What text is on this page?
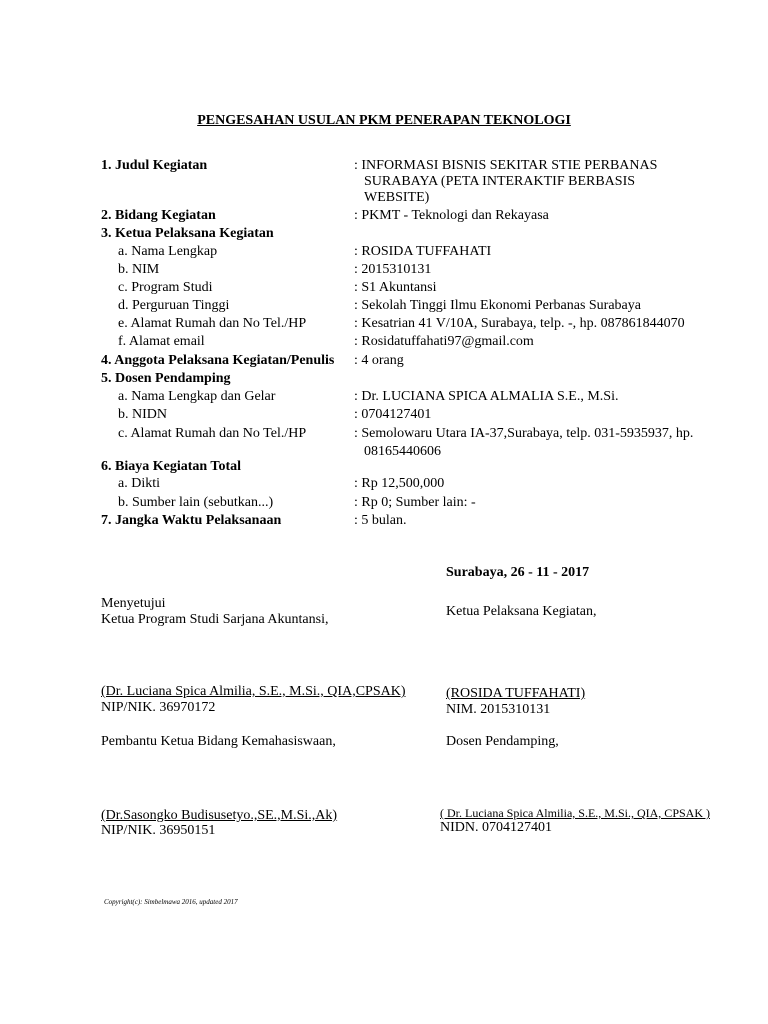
PENGESAHAN USULAN PKM PENERAPAN TEKNOLOGI
1. Judul Kegiatan	: INFORMASI BISNIS SEKITAR STIE PERBANAS
SURABAYA (PETA INTERAKTIF BERBASIS
WEBSITE)
2. Bidang Kegiatan	: PKMT - Teknologi dan Rekayasa
3. Ketua Pelaksana Kegiatan
a. Nama Lengkap	: ROSIDA TUFFAHATI
b. NIM	: 2015310131
c. Program Studi	: S1 Akuntansi
d. Perguruan Tinggi	: Sekolah Tinggi Ilmu Ekonomi Perbanas Surabaya
e. Alamat Rumah dan No Tel./HP	: Kesatrian 41 V/10A, Surabaya, telp. -, hp. 087861844070
f. Alamat email	: Rosidatuffahati97@gmail.com
4. Anggota Pelaksana Kegiatan/Penulis : 4 orang
5. Dosen Pendamping
a. Nama Lengkap dan Gelar	: Dr. LUCIANA SPICA ALMALIA S.E., M.Si.
b. NIDN	: 0704127401
c. Alamat Rumah dan No Tel./HP	: Semolowaru Utara IA-37,Surabaya, telp. 031-5935937, hp.
08165440606
6. Biaya Kegiatan Total
a. Dikti	: Rp 12,500,000
b. Sumber lain (sebutkan...)	: Rp 0; Sumber lain: -
7. Jangka Waktu Pelaksanaan	: 5 bulan.
Surabaya, 26 - 11 - 2017
Menyetujui
Ketua Program Studi Sarjana Akuntansi,
Ketua Pelaksana Kegiatan,
(Dr. Luciana Spica Almilia, S.E., M.Si., QIA,CPSAK)
NIP/NIK. 36970172
(ROSIDA TUFFAHATI)
NIM. 2015310131
Pembantu Ketua Bidang Kemahasiswaan,	Dosen Pendamping,
(Dr.Sasongko Budisusetyo.,SE.,M.Si.,Ak)
NIP/NIK. 36950151
( Dr. Luciana Spica Almilia, S.E., M.Si., QIA, CPSAK )
NIDN. 0704127401
Copyright(c): Simbelmawa 2016, updated 2017
